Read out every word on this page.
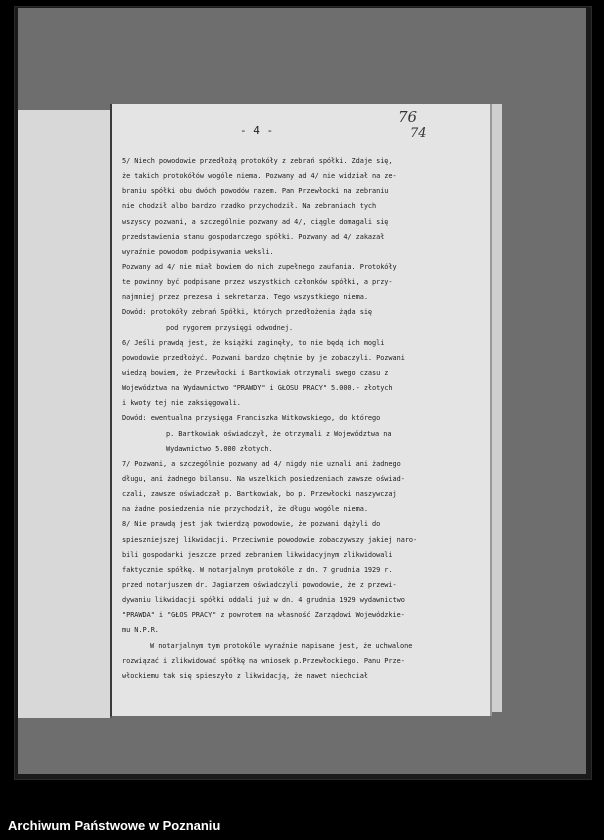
- 4 -
76
74
5/ Niech powodowie przedłożą protokóły z zebrań spółki. Zdaje się,
że takich protokółów wogóle niema. Pozwany ad 4/ nie widział na ze-
braniu spółki obu dwóch powodów razem. Pan Przewłocki na zebraniu
nie chodził albo bardzo rzadko przychodził. Na zebraniach tych
wszyscy pozwani, a szczególnie pozwany ad 4/, ciągle domagali się
przedstawienia stanu gospodarczego spółki. Pozwany ad 4/ zakazał
wyraźnie powodom podpisywania weksli.
Pozwany ad 4/ nie miał bowiem do nich zupełnego zaufania. Protokóły
te powinny być podpisane przez wszystkich członków spółki, a przy-
najmniej przez prezesa i sekretarza. Tego wszystkiego niema.
Dowód: protokóły zebrań Spółki, których przedłożenia żąda się
pod rygorem przysięgi odwodnej.
6/ Jeśli prawdą jest, że książki zaginęły, to nie będą ich mogli
powodowie przedłożyć. Pozwani bardzo chętnie by je zobaczyli. Pozwani
wiedzą bowiem, że Przewłocki i Bartkowiak otrzymali swego czasu z
Województwa na Wydawnictwo "PRAWDY" i GŁOSU PRACY" 5.000.- złotych
i kwoty tej nie zaksięgowali.
Dowód: ewentualna przysięga Franciszka Witkowskiego, do którego
p. Bartkowiak oświadczył, że otrzymali z Województwa na
Wydawnictwo 5.000 złotych.
7/ Pozwani, a szczególnie pozwany ad 4/ nigdy nie uznali ani żadnego
długu, ani żadnego bilansu. Na wszelkich posiedzeniach zawsze oświad-
czali, zawsze oświadczał p. Bartkowiak, bo p. Przewłocki naszywczaj
na żadne posiedzenia nie przychodził, że długu wogóle niema.
8/ Nie prawdą jest jak twierdzą powodowie, że pozwani dążyli do
spieszniejszej likwidacji. Przeciwnie powodowie zobaczywszy jakiej naro-
bili gospodarki jeszcze przed zebraniem likwidacyjnym zlikwidowali
faktycznie spółkę. W notarjalnym protokóle z dn. 7 grudnia 1929 r.
przed notarjuszem dr. Jagiarzem oświadczyli powodowie, że z przewi-
dywaniu likwidacji spółki oddali już w dn. 4 grudnia 1929 wydawnictwo
"PRAWDA" i "GŁOS PRACY" z powrotem na własność Zarządowi Wojewódzkie-
mu N.P.R.
W notarjalnym tym protokóle wyraźnie napisane jest, że uchwalone
rozwiązać i zlikwidować spółkę na wniosek p.Przewłockiego. Panu Prze-
włockiemu tak się spieszyło z likwidacją, że nawet niechciał
Archiwum Państwowe w Poznaniu
